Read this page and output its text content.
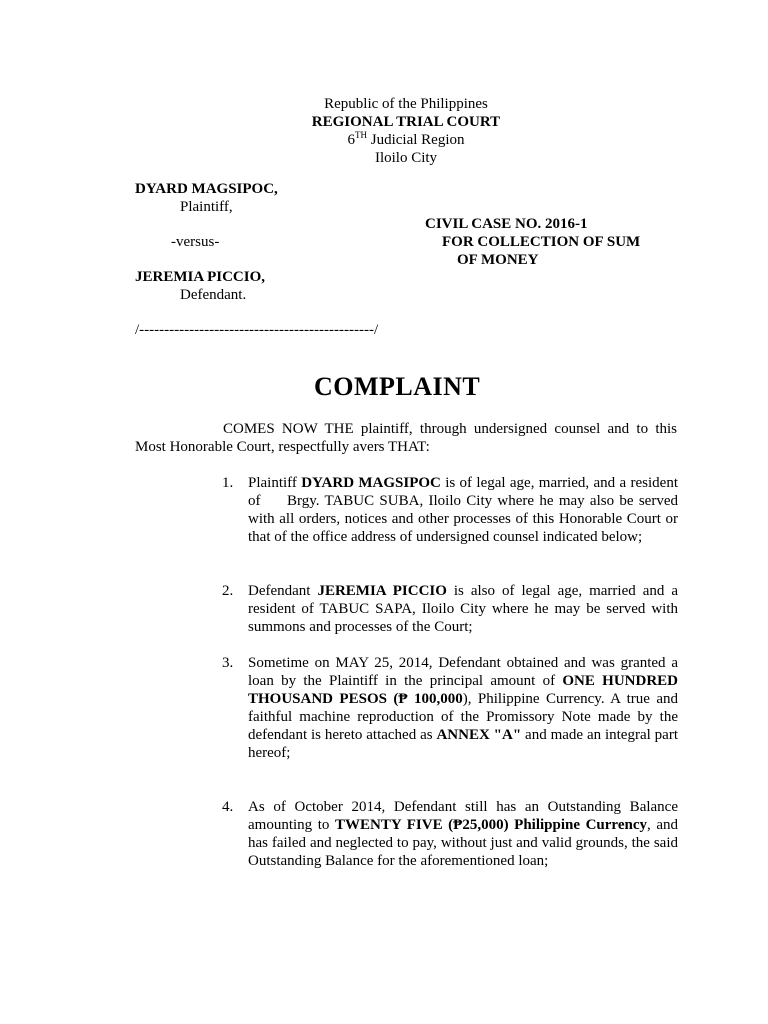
Republic of the Philippines
REGIONAL TRIAL COURT
6TH Judicial Region
Iloilo City
DYARD MAGSIPOC,
Plaintiff,
-versus-
JEREMIA PICCIO,
Defendant.
/-----------------------------------------------/
CIVIL CASE NO. 2016-1
FOR COLLECTION OF SUM
OF MONEY
COMPLAINT
COMES NOW THE plaintiff, through undersigned counsel and to this Most Honorable Court, respectfully avers THAT:
1. Plaintiff DYARD MAGSIPOC is of legal age, married, and a resident of     Brgy. TABUC SUBA, Iloilo City where he may also be served with all orders, notices and other processes of this Honorable Court or that of the office address of undersigned counsel indicated below;
2. Defendant JEREMIA PICCIO is also of legal age, married and a resident of TABUC SAPA, Iloilo City where he may be served with summons and processes of the Court;
3. Sometime on MAY 25, 2014, Defendant obtained and was granted a loan by the Plaintiff in the principal amount of ONE HUNDRED THOUSAND PESOS (₱ 100,000), Philippine Currency. A true and faithful machine reproduction of the Promissory Note made by the defendant is hereto attached as ANNEX "A" and made an integral part hereof;
4. As of October 2014, Defendant still has an Outstanding Balance amounting to TWENTY FIVE (₱25,000) Philippine Currency, and has failed and neglected to pay, without just and valid grounds, the said Outstanding Balance for the aforementioned loan;
